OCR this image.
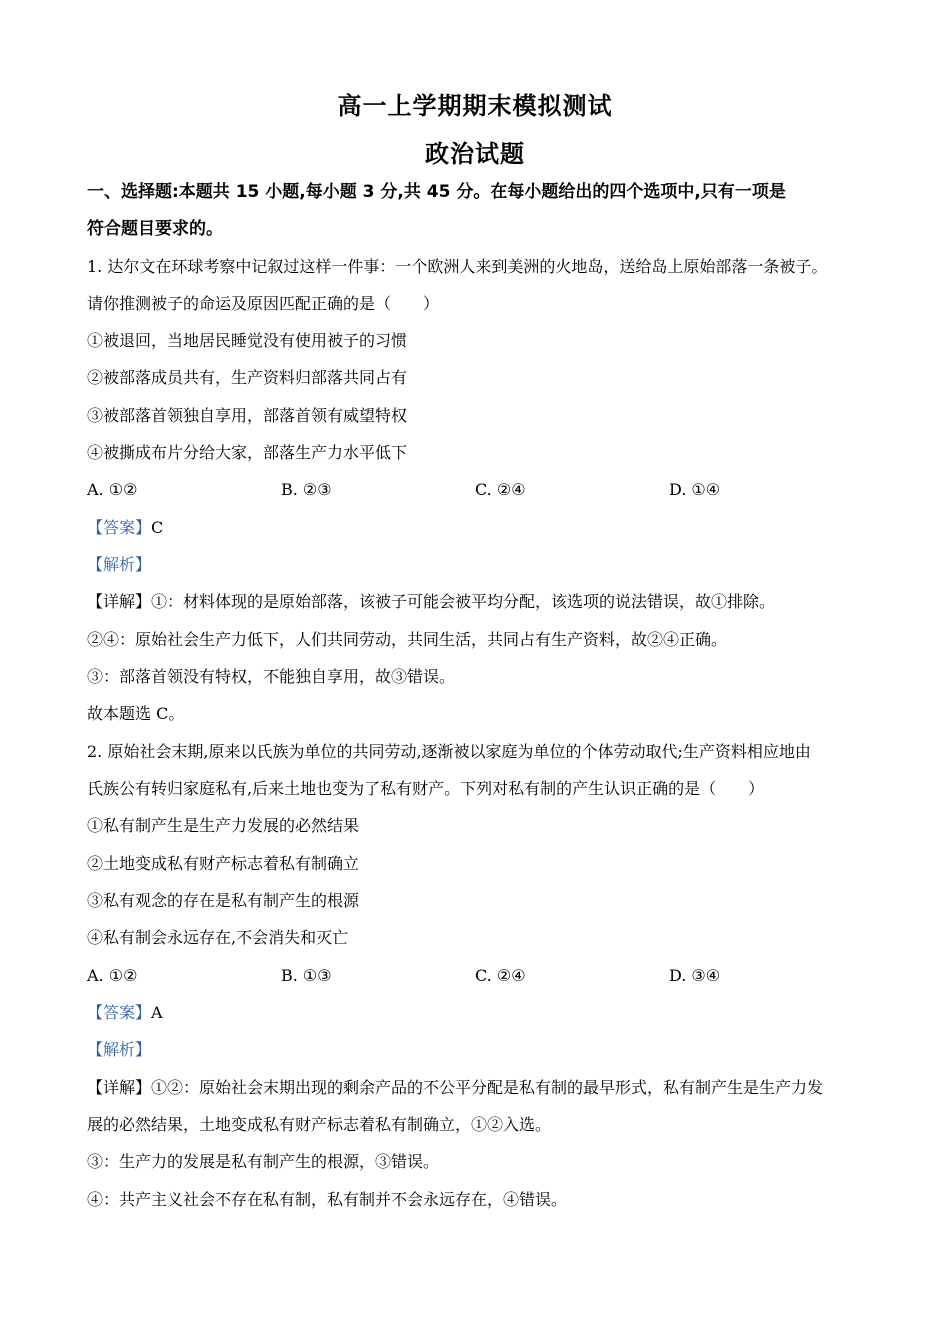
高一上学期期末模拟测试
政治试题
一、选择题:本题共 15 小题,每小题 3 分,共 45 分。在每小题给出的四个选项中,只有一项是
符合题目要求的。
1. 达尔文在环球考察中记叙过这样一件事：一个欧洲人来到美洲的火地岛，送给岛上原始部落一条被子。
请你推测被子的命运及原因匹配正确的是（　　）
①被退回，当地居民睡觉没有使用被子的习惯
②被部落成员共有，生产资料归部落共同占有
③被部落首领独自享用，部落首领有威望特权
④被撕成布片分给大家，部落生产力水平低下
A. ①②	B. ②③	C. ②④	D. ①④
【答案】C
【解析】
【详解】①：材料体现的是原始部落，该被子可能会被平均分配，该选项的说法错误，故①排除。
②④：原始社会生产力低下，人们共同劳动，共同生活，共同占有生产资料，故②④正确。
③：部落首领没有特权，不能独自享用，故③错误。
故本题选 C。
2. 原始社会末期,原来以氏族为单位的共同劳动,逐渐被以家庭为单位的个体劳动取代;生产资料相应地由
氏族公有转归家庭私有,后来土地也变为了私有财产。下列对私有制的产生认识正确的是（　　）
①私有制产生是生产力发展的必然结果
②土地变成私有财产标志着私有制确立
③私有观念的存在是私有制产生的根源
④私有制会永远存在,不会消失和灭亡
A. ①②	B. ①③	C. ②④	D. ③④
【答案】A
【解析】
【详解】①②：原始社会末期出现的剩余产品的不公平分配是私有制的最早形式，私有制产生是生产力发
展的必然结果，土地变成私有财产标志着私有制确立，①②入选。
③：生产力的发展是私有制产生的根源，③错误。
④：共产主义社会不存在私有制，私有制并不会永远存在，④错误。
